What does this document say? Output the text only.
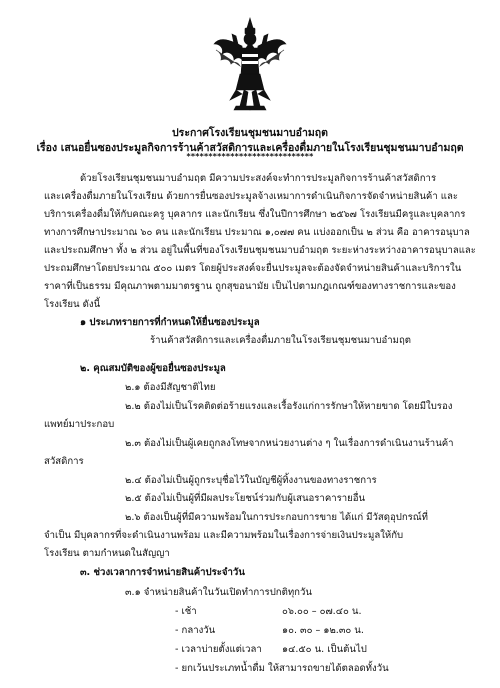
ประกาศโรงเรียนชุมชนมาบอำมฤต
เรื่อง เสนอยื่นซองประมูลกิจการร้านค้าสวัสดิการและเครื่องดื่มภายในโรงเรียนชุมชนมาบอำมฤต
*****************************
ด้วยโรงเรียนชุมชนมาบอำมฤต มีความประสงค์จะทำการประมูลกิจการร้านค้าสวัสดิการ
และเครื่องดื่มภายในโรงเรียน ด้วยการยื่นซองประมูลจ้างเหมาการดำเนินกิจการจัดจำหน่ายสินค้า และ
บริการเครื่องดื่มให้กับคณะครู บุคลากร และนักเรียน ซึ่งในปีการศึกษา ๒๕๖๗ โรงเรียนมีครูและบุคลากร
ทางการศึกษาประมาณ ๖๐ คน และนักเรียน ประมาณ ๑,๐๗๗ คน แบ่งออกเป็น ๒ ส่วน คือ อาคารอนุบาล
และประถมศึกษา ทั้ง ๒ ส่วน อยู่ในพื้นที่ของโรงเรียนชุมชนมาบอำมฤต ระยะห่างระหว่างอาคารอนุบาลและ
ประถมศึกษาโดยประมาณ ๕๐๐ เมตร โดยผู้ประสงค์จะยื่นประมูลจะต้องจัดจำหน่ายสินค้าและบริการใน
ราคาที่เป็นธรรม มีคุณภาพตามมาตรฐาน ถูกสุขอนามัย เป็นไปตามกฎเกณฑ์ของทางราชการและของ
โรงเรียน ดังนี้
๑ ประเภทรายการที่กำหนดให้ยื่นซองประมูล
ร้านค้าสวัสดิการและเครื่องดื่มภายในโรงเรียนชุมชนมาบอำมฤต
๒. คุณสมบัติของผู้ขอยื่นซองประมูล
๒.๑ ต้องมีสัญชาติไทย
๒.๒ ต้องไม่เป็นโรคติดต่อร้ายแรงและเรื้อรังแก่การรักษาให้หายขาด โดยมีใบรอง
แพทย์มาประกอบ
๒.๓ ต้องไม่เป็นผู้เคยถูกลงโทษจากหน่วยงานต่าง ๆ ในเรื่องการดำเนินงานร้านค้า
สวัสดิการ
๒.๔ ต้องไม่เป็นผู้ถูกระบุชื่อไว้ในบัญชีผู้ทิ้งงานของทางราชการ
๒.๕ ต้องไม่เป็นผู้ที่มีผลประโยชน์ร่วมกับผู้เสนอราคารายอื่น
๒.๖ ต้องเป็นผู้ที่มีความพร้อมในการประกอบการขาย ได้แก่ มีวัสดุอุปกรณ์ที่
จำเป็น มีบุคลากรที่จะดำเนินงานพร้อม และมีความพร้อมในเรื่องการจ่ายเงินประมูลให้กับ
โรงเรียน ตามกำหนดในสัญญา
๓. ช่วงเวลาการจำหน่ายสินค้าประจำวัน
๓.๑ จำหน่ายสินค้าในวันเปิดทำการปกติทุกวัน
- เช้า	๐๖.๐๐ – ๐๗.๔๐ น.
- กลางวัน	๑๐. ๓๐ – ๑๒.๓๐ น.
- เวลาบ่ายตั้งแต่เวลา ๑๔.๕๐ น. เป็นต้นไป
- ยกเว้นประเภทน้ำดื่ม ให้สามารถขายได้ตลอดทั้งวัน
